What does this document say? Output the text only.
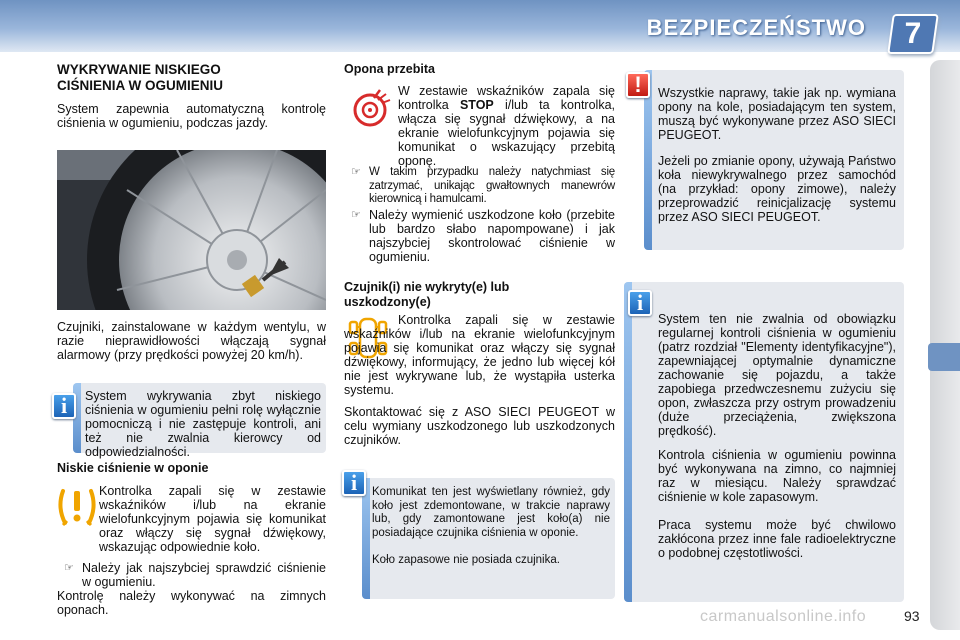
BEZPIECZEŃSTWO	7
WYKRYWANIE NISKIEGO
CIŚNIENIA W OGUMIENIU
System zapewnia automatyczną kontrolę ciśnienia w ogumieniu, podczas jazdy.
Czujniki, zainstalowane w każdym wentylu, w razie nieprawidłowości włączają sygnał alarmowy (przy prędkości powyżej 20 km/h).
System wykrywania zbyt niskiego ciśnienia w ogumieniu pełni rolę wyłącznie pomocniczą i nie zastępuje kontroli, ani też nie zwalnia kierowcy od odpowiedzialności.
i
Niskie ciśnienie w oponie
Kontrolka zapali się w zestawie wskaźników i/lub na ekranie wielofunkcyjnym pojawia się komunikat oraz włączy się sygnał dźwiękowy, wskazując odpowiednie koło.
☞ Należy jak najszybciej sprawdzić ciśnienie w ogumieniu.
Kontrolę należy wykonywać na zimnych oponach.
Opona przebita
W zestawie wskaźników zapala się kontrolka STOP i/lub ta kontrolka, włącza się sygnał dźwiękowy, a na ekranie wielofunkcyjnym pojawia się komunikat o wskazujący przebitą oponę.
☞ W takim przypadku należy natychmiast się zatrzymać, unikając gwałtownych manewrów kierownicą i hamulcami.
☞ Należy wymienić uszkodzone koło (przebite lub bardzo słabo napompowane) i jak najszybciej skontrolować ciśnienie w ogumieniu.
Czujnik(i) nie wykryty(e) lub
uszkodzony(e)
Kontrolka zapali się w zestawie wskaźników i/lub na ekranie wielofunkcyjnym pojawia się komunikat oraz włączy się sygnał dźwiękowy, informujący, że jedno lub więcej kół nie jest wykrywane lub, że wystąpiła usterka systemu.
Skontaktować się z ASO SIECI PEUGEOT w celu wymiany uszkodzonego lub uszkodzonych czujników.
Komunikat ten jest wyświetlany również, gdy koło jest zdemontowane, w trakcie naprawy lub, gdy zamontowane jest koło(a) nie posiadające czujnika ciśnienia w oponie.
Koło zapasowe nie posiada czujnika.
i
Wszystkie naprawy, takie jak np. wymiana opony na kole, posiadającym ten system, muszą być wykonywane przez ASO SIECI PEUGEOT.
Jeżeli po zmianie opony, używają Państwo koła niewykrywalnego przez samochód (na przykład: opony zimowe), należy przeprowadzić reinicjalizację systemu przez ASO SIECI PEUGEOT.
!
System ten nie zwalnia od obowiązku regularnej kontroli ciśnienia w ogumieniu (patrz rozdział "Elementy identyfikacyjne"), zapewniającej optymalnie dynamiczne zachowanie się pojazdu, a także zapobiega przedwczesnemu zużyciu się opon, zwłaszcza przy ostrym prowadzeniu (duże przeciążenia, zwiększona prędkość).
Kontrola ciśnienia w ogumieniu powinna być wykonywana na zimno, co najmniej raz w miesiącu. Należy sprawdzać ciśnienie w kole zapasowym.
Praca systemu może być chwilowo zakłócona przez inne fale radioelektryczne o podobnej częstotliwości.
i
carmanualsonline.info	93
